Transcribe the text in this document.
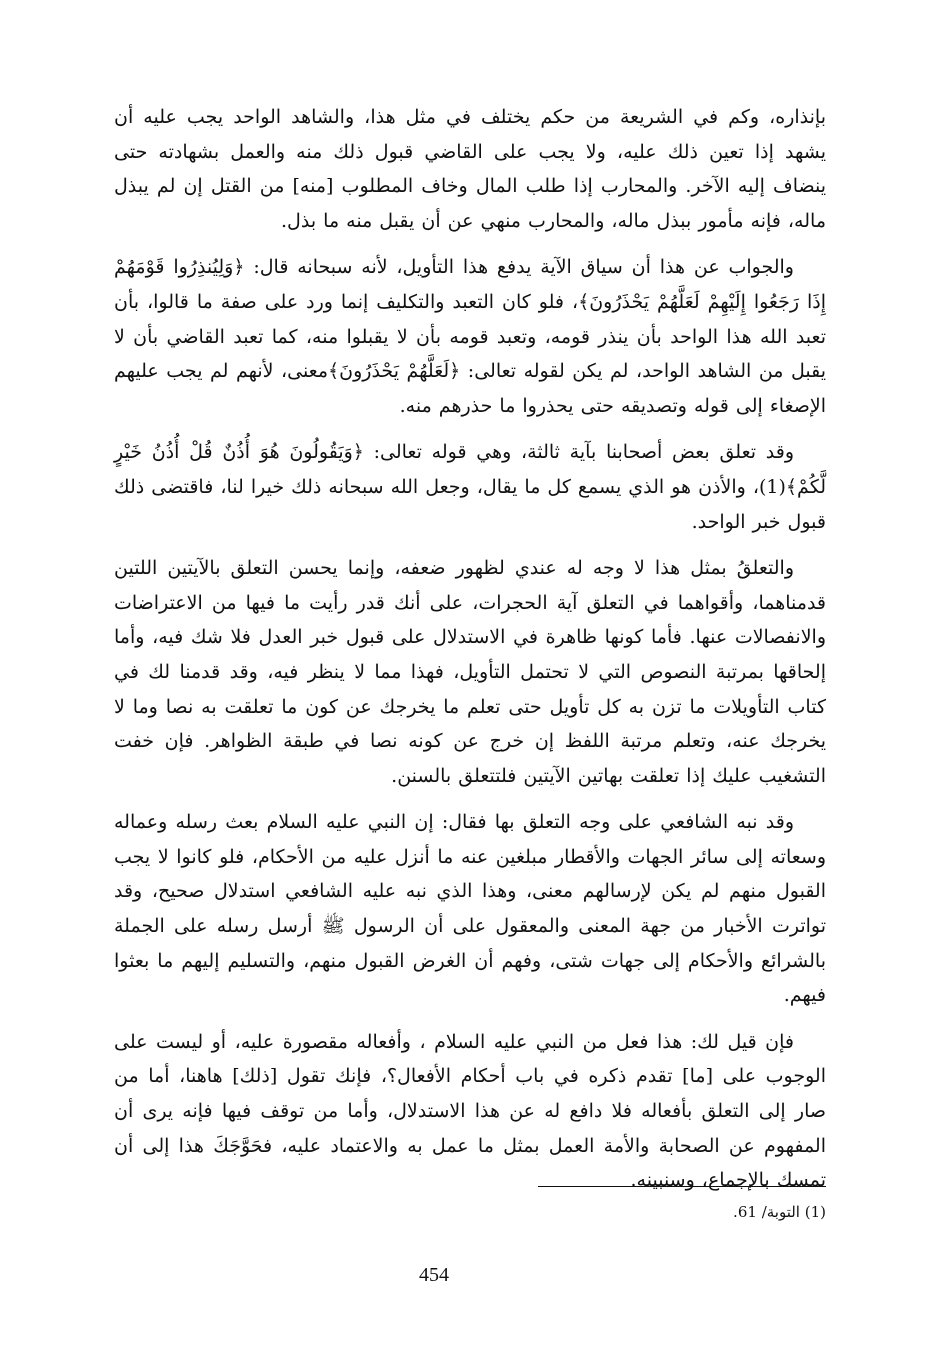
بإنذاره، وكم في الشريعة من حكم يختلف في مثل هذا، والشاهد الواحد يجب عليه أن يشهد إذا تعين ذلك عليه، ولا يجب على القاضي قبول ذلك منه والعمل بشهادته حتى ينضاف إليه الآخر. والمحارب إذا طلب المال وخاف المطلوب [منه] من القتل إن لم يبذل ماله، فإنه مأمور ببذل ماله، والمحارب منهي عن أن يقبل منه ما بذل.

والجواب عن هذا أن سياق الآية يدفع هذا التأويل، لأنه سبحانه قال: ﴿وَلِيُنذِرُوا قَوْمَهُمْ إِذَا رَجَعُوا إِلَيْهِمْ لَعَلَّهُمْ يَحْذَرُونَ﴾، فلو كان التعبد والتكليف إنما ورد على صفة ما قالوا، بأن تعبد الله هذا الواحد بأن ينذر قومه، وتعبد قومه بأن لا يقبلوا منه، كما تعبد القاضي بأن لا يقبل من الشاهد الواحد، لم يكن لقوله تعالى: ﴿لَعَلَّهُمْ يَحْذَرُونَ﴾معنى، لأنهم لم يجب عليهم الإصغاء إلى قوله وتصديقه حتى يحذروا ما حذرهم منه.

وقد تعلق بعض أصحابنا بآية ثالثة، وهي قوله تعالى: ﴿وَيَقُولُونَ هُوَ أُذُنٌ قُلْ أُذُنُ خَيْرٍ لَّكُمْ﴾(1)، والأذن هو الذي يسمع كل ما يقال، وجعل الله سبحانه ذلك خيرا لنا، فاقتضى ذلك قبول خبر الواحد.

والتعلقُ بمثل هذا لا وجه له عندي لظهور ضعفه، وإنما يحسن التعلق بالآيتين اللتين قدمناهما، وأقواهما في التعلق آية الحجرات، على أنك قدر رأيت ما فيها من الاعتراضات والانفصالات عنها. فأما كونها ظاهرة في الاستدلال على قبول خبر العدل فلا شك فيه، وأما إلحاقها بمرتبة النصوص التي لا تحتمل التأويل، فهذا مما لا ينظر فيه، وقد قدمنا لك في كتاب التأويلات ما تزن به كل تأويل حتى تعلم ما يخرجك عن كون ما تعلقت به نصا وما لا يخرجك عنه، وتعلم مرتبة اللفظ إن خرج عن كونه نصا في طبقة الظواهر. فإن خفت التشغيب عليك إذا تعلقت بهاتين الآيتين فلتتعلق بالسنن.

وقد نبه الشافعي على وجه التعلق بها فقال: إن النبي عليه السلام بعث رسله وعماله وسعاته إلى سائر الجهات والأقطار مبلغين عنه ما أنزل عليه من الأحكام، فلو كانوا لا يجب القبول منهم لم يكن لإرسالهم معنى، وهذا الذي نبه عليه الشافعي استدلال صحيح، وقد تواترت الأخبار من جهة المعنى والمعقول على أن الرسول ﷺ أرسل رسله على الجملة بالشرائع والأحكام إلى جهات شتى، وفهم أن الغرض القبول منهم، والتسليم إليهم ما بعثوا فيهم.

فإن قيل لك: هذا فعل من النبي عليه السلام ، وأفعاله مقصورة عليه، أو ليست على الوجوب على [ما] تقدم ذكره في باب أحكام الأفعال؟، فإنك تقول [ذلك] هاهنا، أما من صار إلى التعلق بأفعاله فلا دافع له عن هذا الاستدلال، وأما من توقف فيها فإنه يرى أن المفهوم عن الصحابة والأمة العمل بمثل ما عمل به والاعتماد عليه، فحَوَّجَكَ هذا إلى أن تمسك بالإجماع، وسنبينه.

(1) التوبة/ 61.
454
